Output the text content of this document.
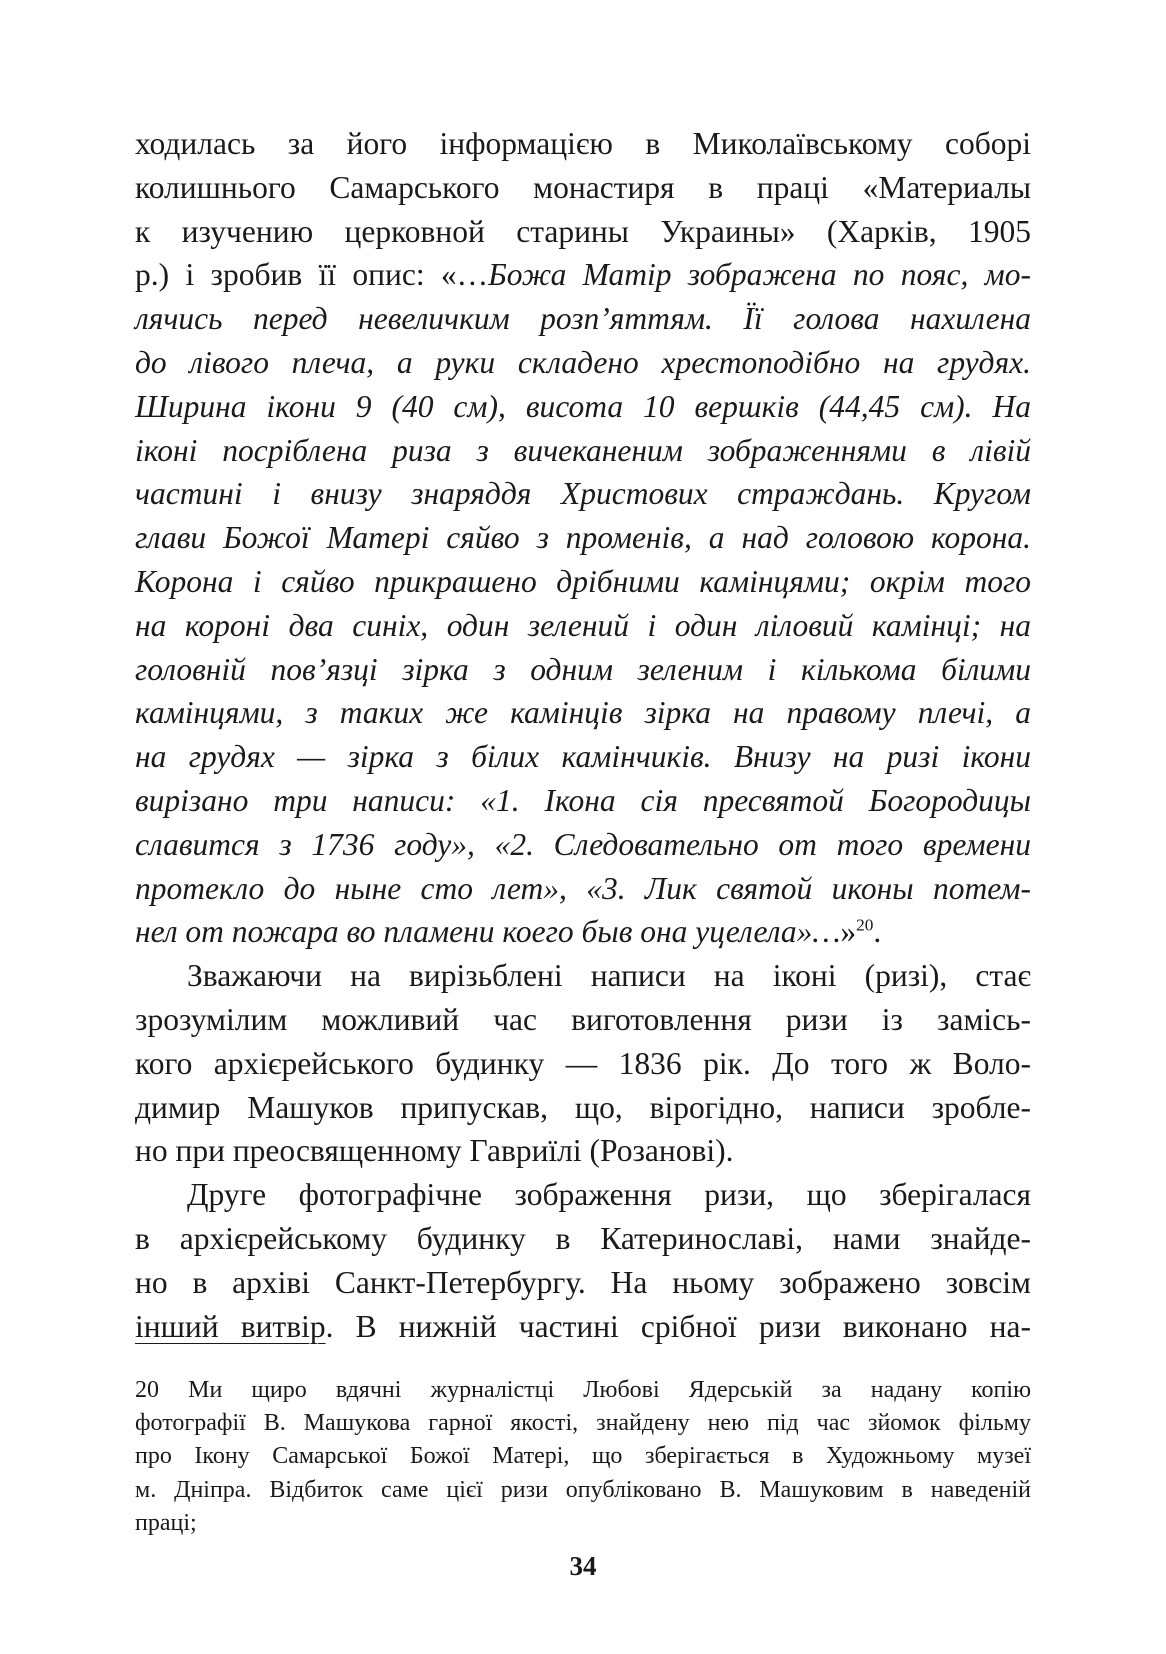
ходилась за його інформацією в Миколаївському соборі
колишнього Самарського монастиря в праці «Материалы
к изучению церковной старины Украины» (Харків, 1905
р.) і зробив її опис: «…Божа Матір зображена по пояс, мо-
лячись перед невеличким розп’яттям. Її голова нахилена
до лівого плеча, а руки складено хрестоподібно на грудях.
Ширина ікони 9 (40 см), висота 10 вершків (44,45 см). На
іконі посріблена риза з вичеканеним зображеннями в лівій
частині і внизу знаряддя Христових страждань. Кругом
глави Божої Матері сяйво з променів, а над головою корона.
Корона і сяйво прикрашено дрібними камінцями; окрім того
на короні два синіх, один зелений і один ліловий камінці; на
головній пов’язці зірка з одним зеленим і кількома білими
камінцями, з таких же камінців зірка на правому плечі, а
на грудях — зірка з білих камінчиків. Внизу на ризі ікони
вирізано три написи: «1. Ікона сія пресвятой Богородицы
славится з 1736 году», «2. Следовательно от того времени
протекло до ныне сто лет», «3. Лик святой иконы потем-
нел от пожара во пламени коего быв она уцелела»…»$^{20}$.
Зважаючи на вирізьблені написи на іконі (ризі), стає
зрозумілим можливий час виготовлення ризи із замісь-
кого архієрейського будинку — 1836 рік. До того ж Воло-
димир Машуков припускав, що, вірогідно, написи зробле-
но при преосвященному Гавриїлі (Розанові).
Друге фотографічне зображення ризи, що зберігалася
в архієрейському будинку в Катеринославі, нами знайде-
но в архіві Санкт-Петербургу. На ньому зображено зовсім
інший витвір. В нижній частині срібної ризи виконано на-
20 Ми щиро вдячні журналістці Любові Ядерській за надану копію
фотографії В. Машукова гарної якості, знайдену нею під час зйомок фільму
про Ікону Самарської Божої Матері, що зберігається в Художньому музеї
м. Дніпра. Відбиток саме цієї ризи опубліковано В. Машуковим в наведеній
праці;
34
